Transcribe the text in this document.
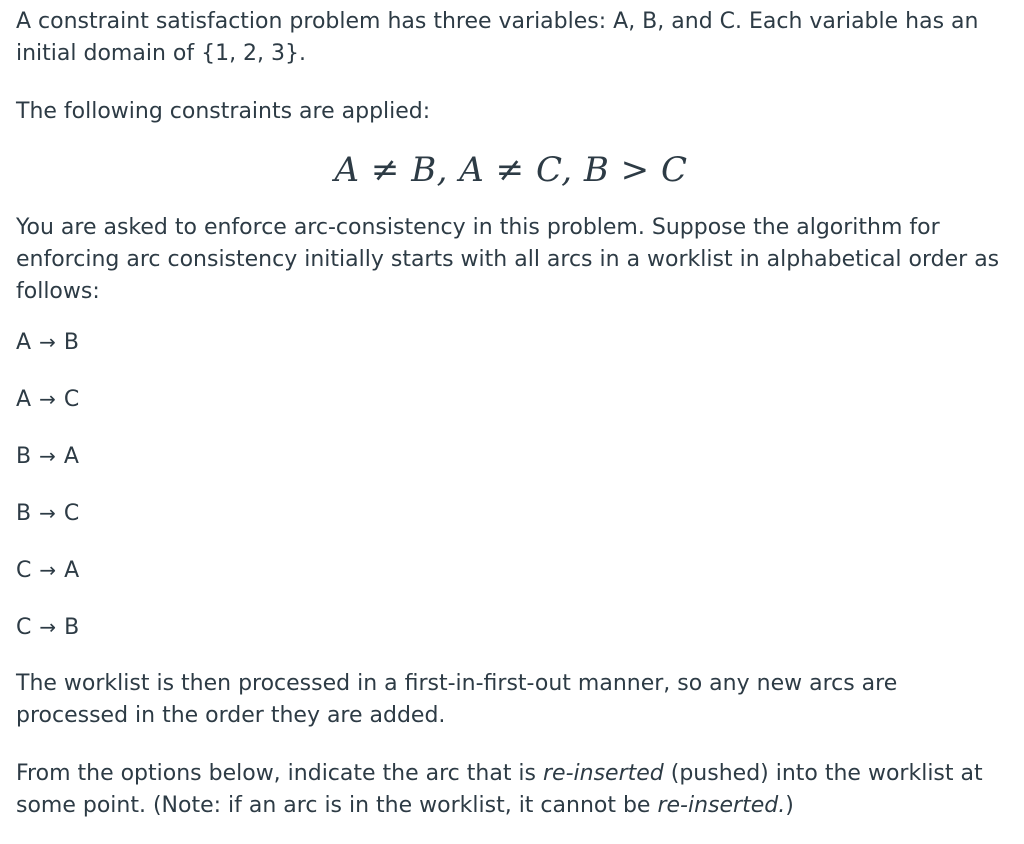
A constraint satisfaction problem has three variables: A, B, and C. Each variable has an initial domain of {1, 2, 3}.

The following constraints are applied:

A ≠ B, A ≠ C, B > C

You are asked to enforce arc-consistency in this problem. Suppose the algorithm for enforcing arc consistency initially starts with all arcs in a worklist in alphabetical order as follows:

A → B
A → C
B → A
B → C
C → A
C → B

The worklist is then processed in a first-in-first-out manner, so any new arcs are processed in the order they are added.

From the options below, indicate the arc that is re-inserted (pushed) into the worklist at some point. (Note: if an arc is in the worklist, it cannot be re-inserted.)
